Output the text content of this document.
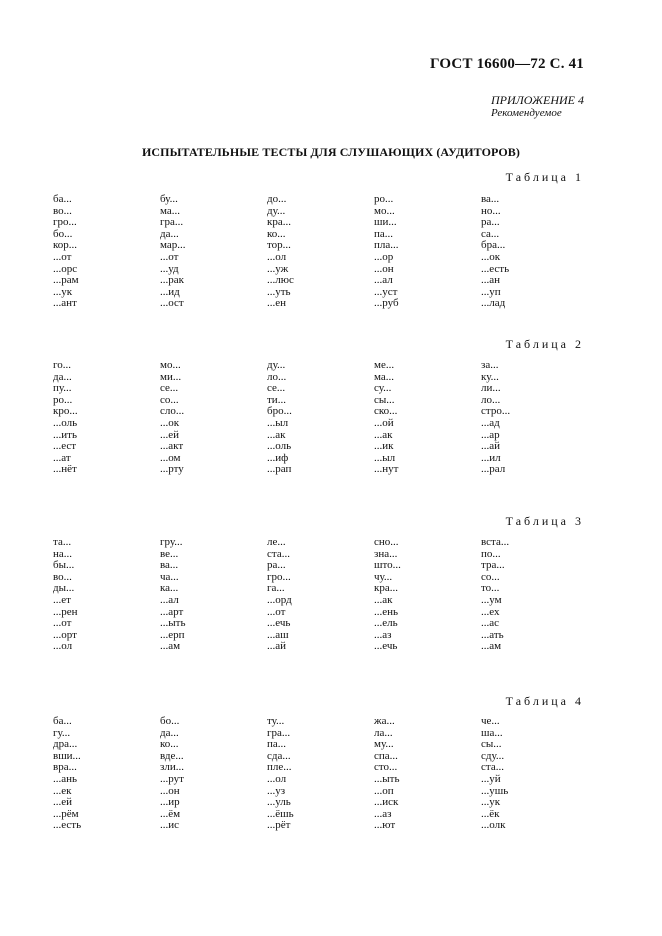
ГОСТ 16600—72 С. 41
ПРИЛОЖЕНИЕ 4
Рекомендуемое
ИСПЫТАТЕЛЬНЫЕ ТЕСТЫ ДЛЯ СЛУШАЮЩИХ (АУДИТОРОВ)
Таблица 1
ба...
во...
гро...
бо...
кор...
...от
...орс
...рам
...ук
...ант
бу...
ма...
гра...
да...
мар...
...от
...уд
...рак
...ид
...ост
до...
ду...
кра...
ко...
тор...
...ол
...уж
...люс
...уть
...ен
ро...
мо...
ши...
па...
пла...
...ор
...он
...ал
...уст
...руб
ва...
но...
ра...
са...
бра...
...ок
...есть
...ан
...уп
...лад
Таблица 2
го...
да...
пу...
ро...
кро...
...оль
...ить
...ест
...ат
...нёт
мо...
ми...
се...
со...
сло...
...ок
...ей
...акт
...ом
...рту
ду...
ло...
се...
ти...
бро...
...ыл
...ак
...оль
...иф
...рап
ме...
ма...
су...
сы...
ско...
...ой
...ак
...ик
...ыл
...нут
за...
ку...
ли...
ло...
стро...
...ад
...ар
...ай
...ил
...рал
Таблица 3
та...
на...
бы...
во...
ды...
...ет
...рен
...от
...орт
...ол
гру...
ве...
ва...
ча...
ка...
...ал
...арт
...ыть
...ерп
...ам
ле...
ста...
ра...
гро...
га...
...орд
...от
...ечь
...аш
...ай
сно...
зна...
што...
чу...
кра...
...ак
...ень
...ель
...аз
...ечь
вста...
по...
тра...
со...
то...
...ум
...ех
...ас
...ать
...ам
Таблица 4
ба...
гу...
дра...
вши...
вра...
...ань
...ек
...ей
...рём
...есть
бо...
да...
ко...
вде...
зли...
...рут
...он
...ир
...ём
...ис
ту...
гра...
па...
сда...
пле...
...ол
...уз
...уль
...ёшь
...рёт
жа...
ла...
му...
спа...
сто...
...ыть
...оп
...иск
...аз
...ют
че...
ша...
сы...
сду...
ста...
...уй
...ушь
...ук
...ёк
...олк
